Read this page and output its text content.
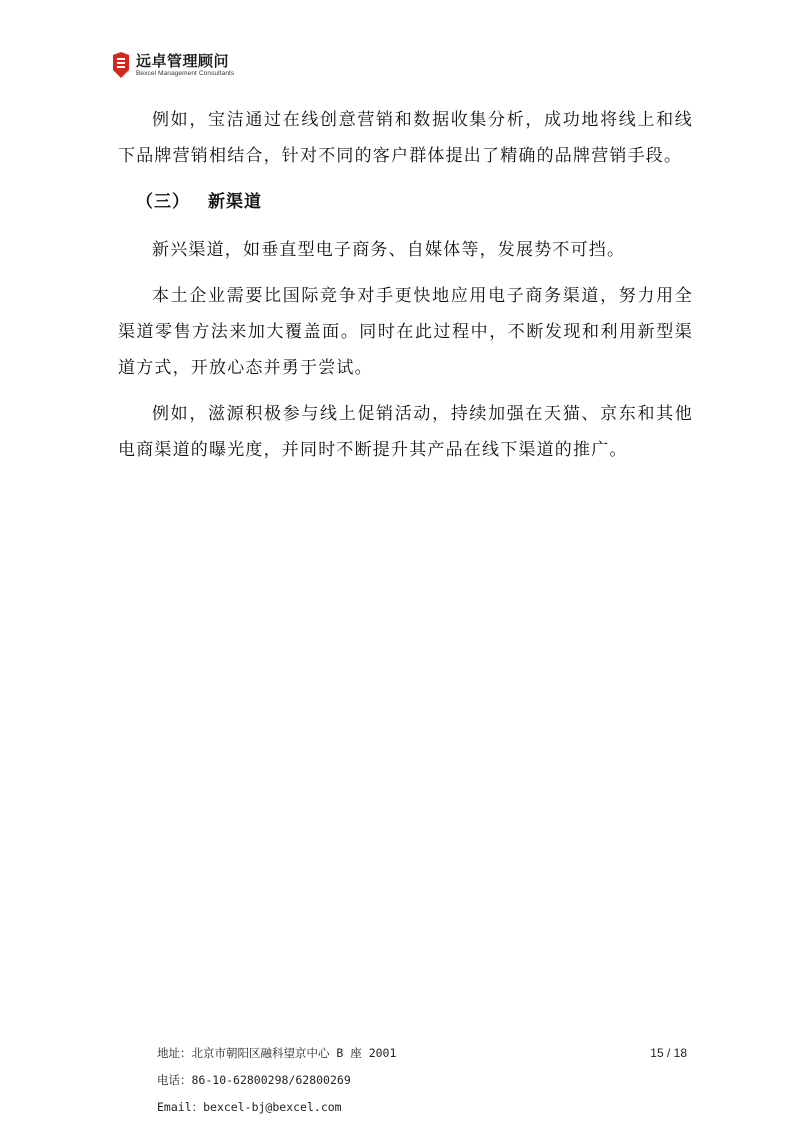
远卓管理顾问
Bexcel Management Consultants

例如，宝洁通过在线创意营销和数据收集分析，成功地将线上和线下品牌营销相结合，针对不同的客户群体提出了精确的品牌营销手段。

（三） 新渠道

新兴渠道，如垂直型电子商务、自媒体等，发展势不可挡。

本土企业需要比国际竞争对手更快地应用电子商务渠道，努力用全渠道零售方法来加大覆盖面。同时在此过程中，不断发现和利用新型渠道方式，开放心态并勇于尝试。

例如，滋源积极参与线上促销活动，持续加强在天猫、京东和其他电商渠道的曝光度，并同时不断提升其产品在线下渠道的推广。

地址：北京市朝阳区融科望京中心 B 座 2001
电话：86-10-62800298/62800269
Email：bexcel-bj@bexcel.com
15 / 18
